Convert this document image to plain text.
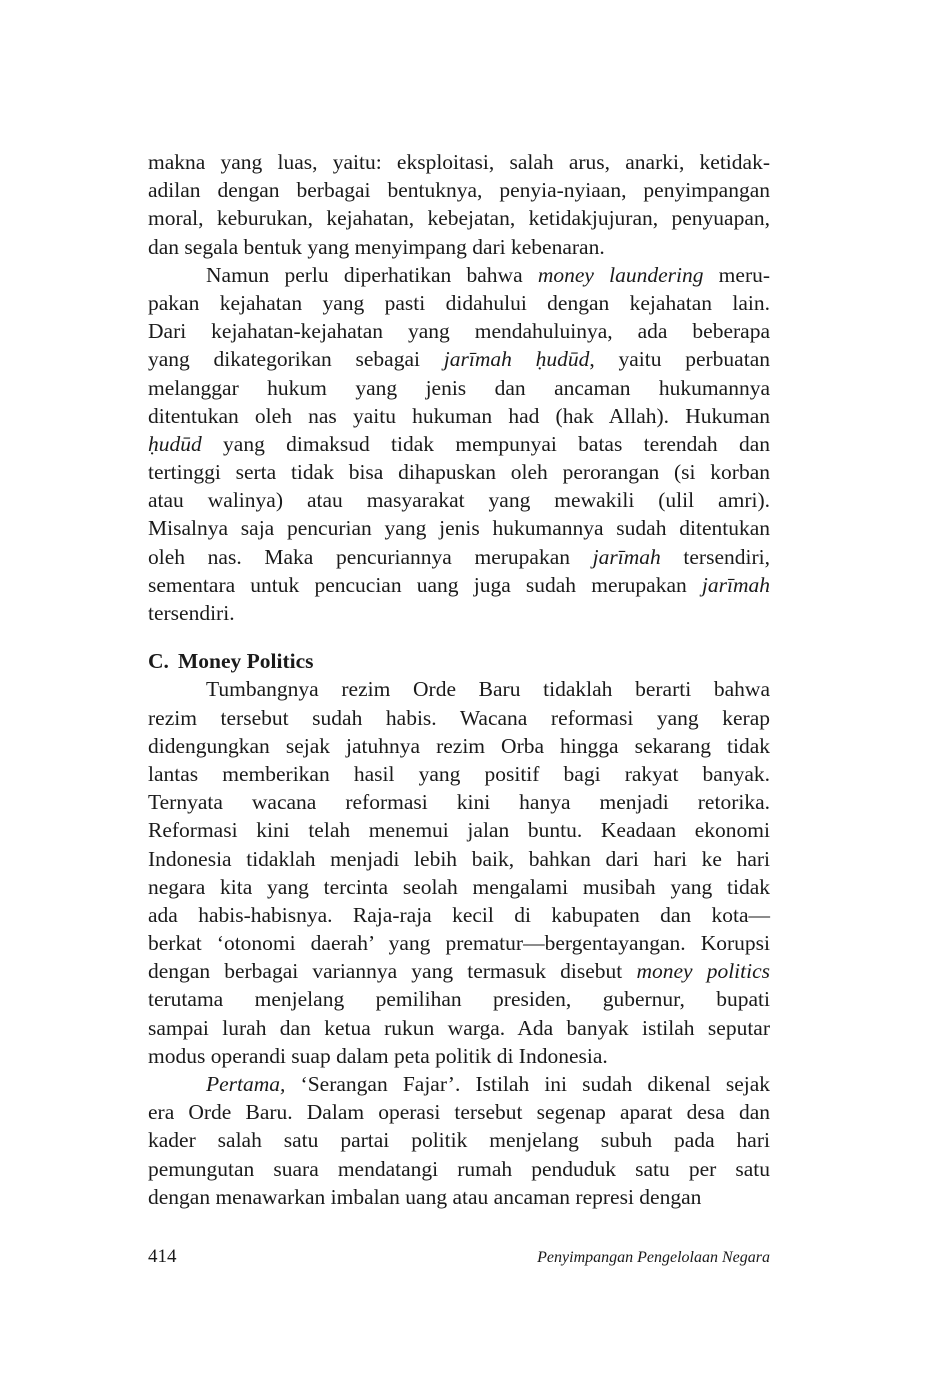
makna yang luas, yaitu: eksploitasi, salah arus, anarki, ketidak-
adilan dengan berbagai bentuknya, penyia-nyiaan, penyimpangan
moral, keburukan, kejahatan, kebejatan, ketidakjujuran, penyuapan,
dan segala bentuk yang menyimpang dari kebenaran.
Namun perlu diperhatikan bahwa money laundering meru-
pakan kejahatan yang pasti didahului dengan kejahatan lain.
Dari kejahatan-kejahatan yang mendahuluinya, ada beberapa
yang dikategorikan sebagai jarīmah ḥudūd, yaitu perbuatan
melanggar hukum yang jenis dan ancaman hukumannya
ditentukan oleh nas yaitu hukuman had (hak Allah). Hukuman
ḥudūd yang dimaksud tidak mempunyai batas terendah dan
tertinggi serta tidak bisa dihapuskan oleh perorangan (si korban
atau walinya) atau masyarakat yang mewakili (ulil amri).
Misalnya saja pencurian yang jenis hukumannya sudah ditentukan
oleh nas. Maka pencuriannya merupakan jarīmah tersendiri,
sementara untuk pencucian uang juga sudah merupakan jarīmah
tersendiri.
C. Money Politics
Tumbangnya rezim Orde Baru tidaklah berarti bahwa
rezim tersebut sudah habis. Wacana reformasi yang kerap
didengungkan sejak jatuhnya rezim Orba hingga sekarang tidak
lantas memberikan hasil yang positif bagi rakyat banyak.
Ternyata wacana reformasi kini hanya menjadi retorika.
Reformasi kini telah menemui jalan buntu. Keadaan ekonomi
Indonesia tidaklah menjadi lebih baik, bahkan dari hari ke hari
negara kita yang tercinta seolah mengalami musibah yang tidak
ada habis-habisnya. Raja-raja kecil di kabupaten dan kota—
berkat ‘otonomi daerah’ yang prematur—bergentayangan. Korupsi
dengan berbagai variannya yang termasuk disebut money politics
terutama menjelang pemilihan presiden, gubernur, bupati
sampai lurah dan ketua rukun warga. Ada banyak istilah seputar
modus operandi suap dalam peta politik di Indonesia.
Pertama, ‘Serangan Fajar’. Istilah ini sudah dikenal sejak
era Orde Baru. Dalam operasi tersebut segenap aparat desa dan
kader salah satu partai politik menjelang subuh pada hari
pemungutan suara mendatangi rumah penduduk satu per satu
dengan menawarkan imbalan uang atau ancaman represi dengan
414	Penyimpangan Pengelolaan Negara
